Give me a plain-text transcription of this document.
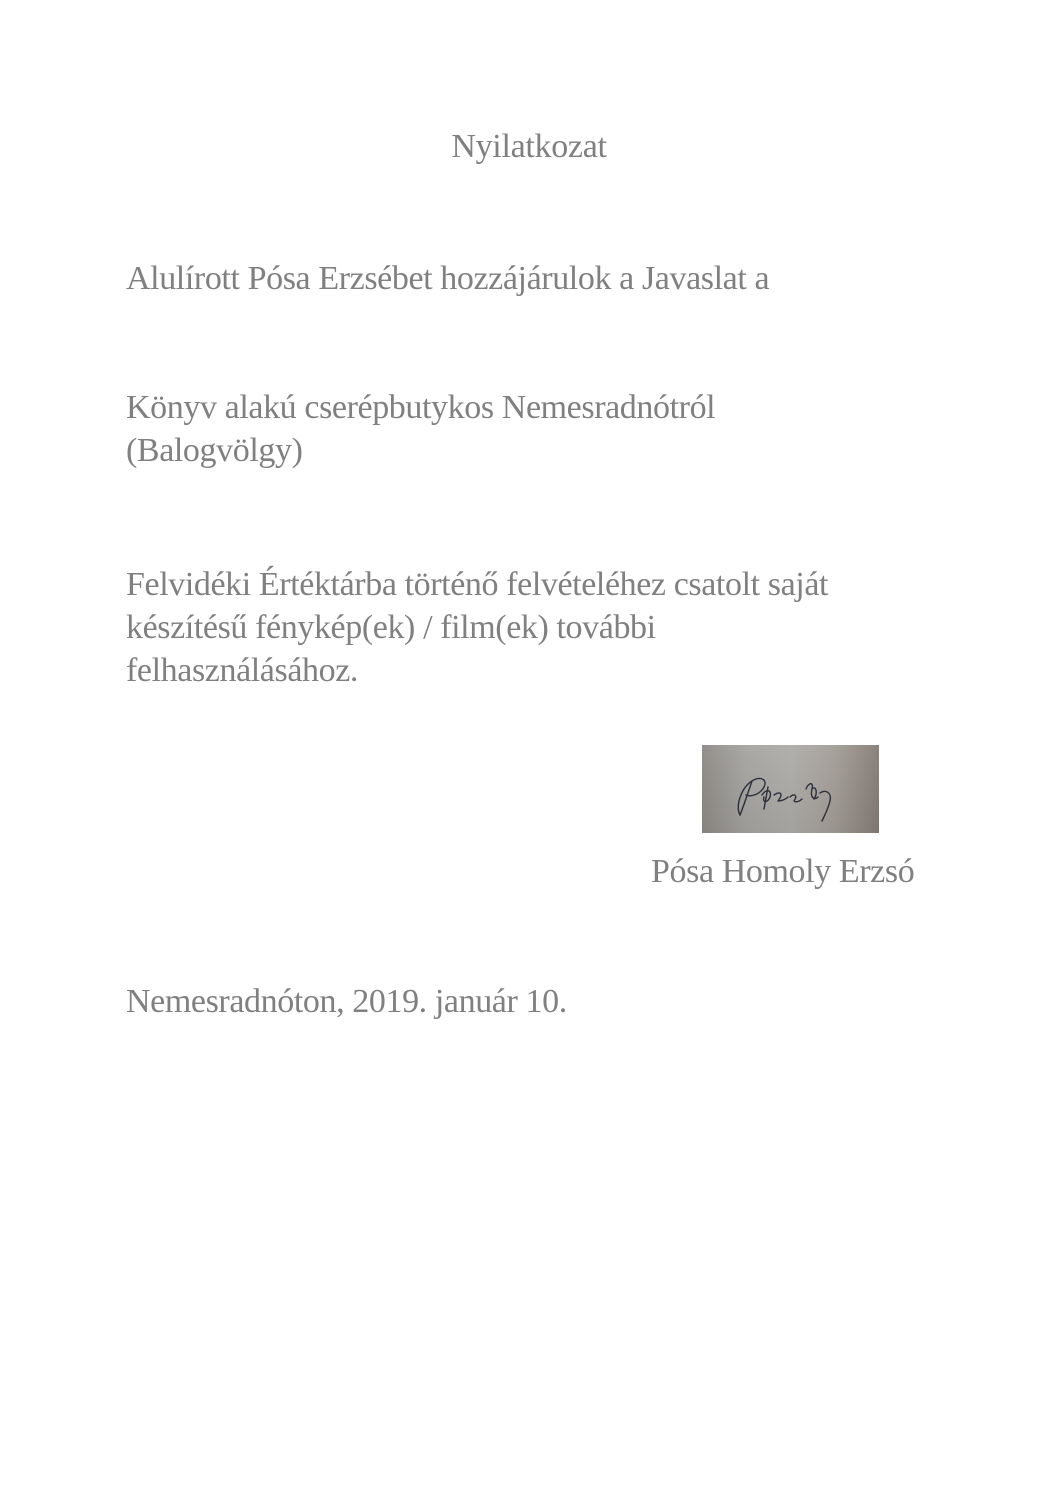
Nyilatkozat
Alulírott Pósa Erzsébet hozzájárulok a Javaslat a
Könyv alakú cserépbutykos Nemesradnótról
(Balogvölgy)
Felvidéki Értéktárba történő felvételéhez csatolt saját
készítésű fénykép(ek) / film(ek) további
felhasználásához.
Pósa Homoly Erzsó
Nemesradnóton, 2019. január 10.
